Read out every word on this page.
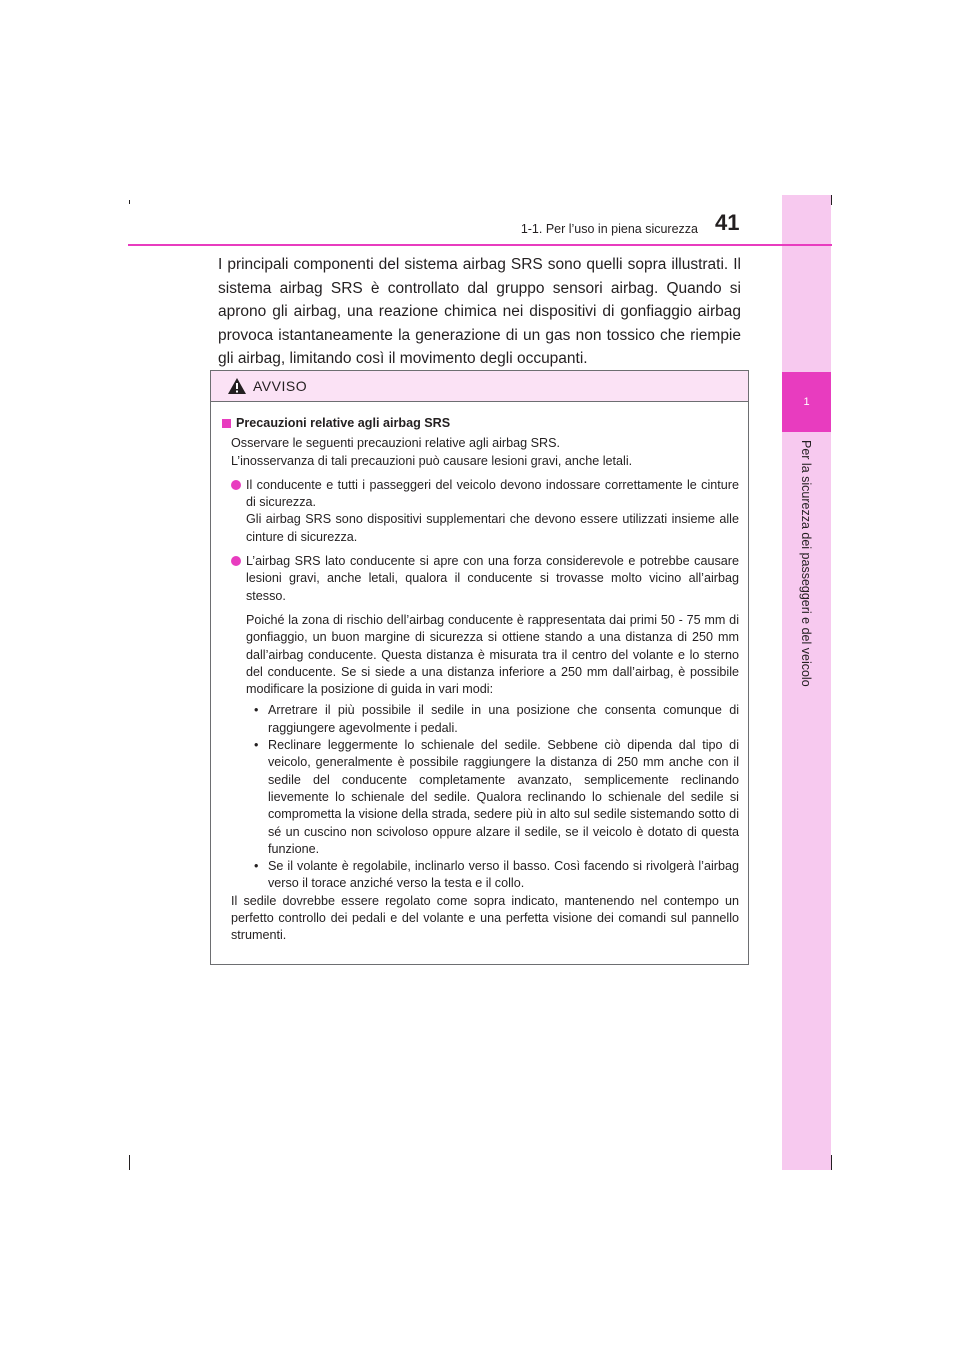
1
Per la sicurezza dei passeggeri e del veicolo
1-1. Per l’uso in piena sicurezza 41

I principali componenti del sistema airbag SRS sono quelli sopra illustrati. Il sistema airbag SRS è controllato dal gruppo sensori airbag. Quando si aprono gli airbag, una reazione chimica nei dispositivi di gonfiaggio airbag provoca istantaneamente la generazione di un gas non tossico che riempie gli airbag, limitando così il movimento degli occupanti.

AVVISO

Precauzioni relative agli airbag SRS

Osservare le seguenti precauzioni relative agli airbag SRS.

L’inosservanza di tali precauzioni può causare lesioni gravi, anche letali.

Il conducente e tutti i passeggeri del veicolo devono indossare correttamente le cinture di sicurezza.

Gli airbag SRS sono dispositivi supplementari che devono essere utilizzati insieme alle cinture di sicurezza.

L’airbag SRS lato conducente si apre con una forza considerevole e potrebbe causare lesioni gravi, anche letali, qualora il conducente si trovasse molto vicino all’airbag stesso.

Poiché la zona di rischio dell’airbag conducente è rappresentata dai primi 50 - 75 mm di gonfiaggio, un buon margine di sicurezza si ottiene stando a una distanza di 250 mm dall’airbag conducente. Questa distanza è misurata tra il centro del volante e lo sterno del conducente. Se si siede a una distanza inferiore a 250 mm dall’airbag, è possibile modificare la posizione di guida in vari modi:

• Arretrare il più possibile il sedile in una posizione che consenta comunque di raggiungere agevolmente i pedali.
• Reclinare leggermente lo schienale del sedile. Sebbene ciò dipenda dal tipo di veicolo, generalmente è possibile raggiungere la distanza di 250 mm anche con il sedile del conducente completamente avanzato, semplicemente reclinando lievemente lo schienale del sedile. Qualora reclinando lo schienale del sedile si comprometta la visione della strada, sedere più in alto sul sedile sistemando sotto di sé un cuscino non scivoloso oppure alzare il sedile, se il veicolo è dotato di questa funzione.
• Se il volante è regolabile, inclinarlo verso il basso. Così facendo si rivolgerà l’airbag verso il torace anziché verso la testa e il collo.

Il sedile dovrebbe essere regolato come sopra indicato, mantenendo nel contempo un perfetto controllo dei pedali e del volante e una perfetta visione dei comandi sul pannello strumenti.
